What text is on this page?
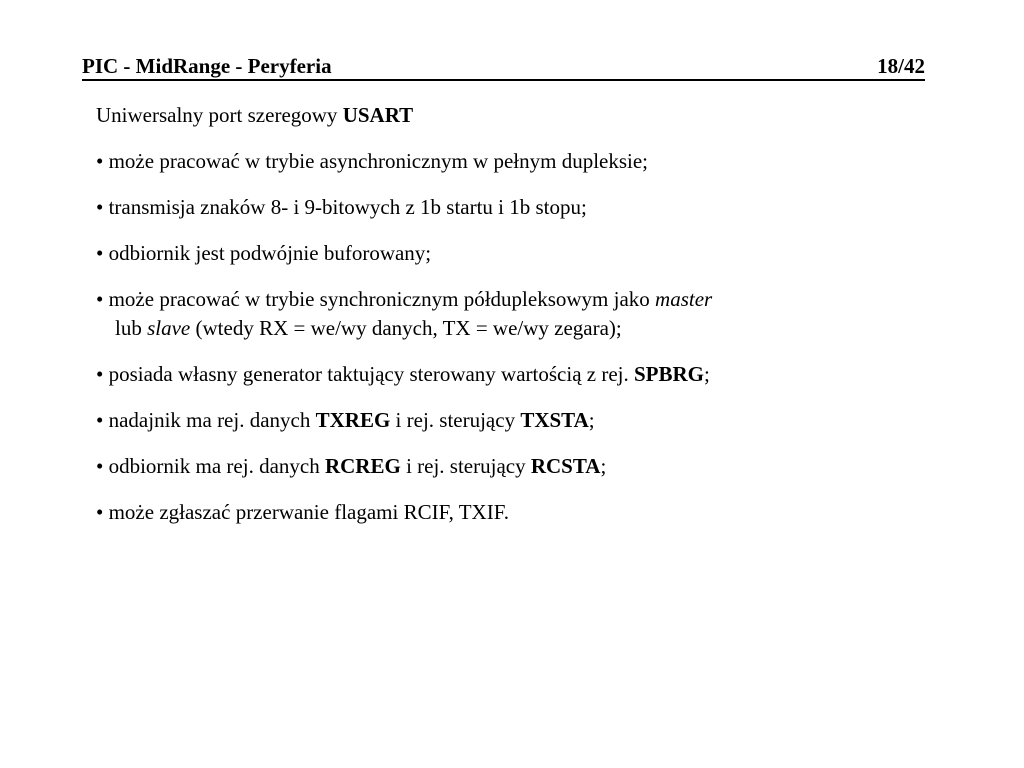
PIC - MidRange - Peryferia	18/42
Uniwersalny port szeregowy USART
• może pracować w trybie asynchronicznym w pełnym dupleksie;
• transmisja znaków 8- i 9-bitowych z 1b startu i 1b stopu;
• odbiornik jest podwójnie buforowany;
• może pracować w trybie synchronicznym półdupleksowym jako master
lub slave (wtedy RX = we/wy danych, TX = we/wy zegara);
• posiada własny generator taktujący sterowany wartością z rej. SPBRG;
• nadajnik ma rej. danych TXREG i rej. sterujący TXSTA;
• odbiornik ma rej. danych RCREG i rej. sterujący RCSTA;
• może zgłaszać przerwanie flagami RCIF, TXIF.
